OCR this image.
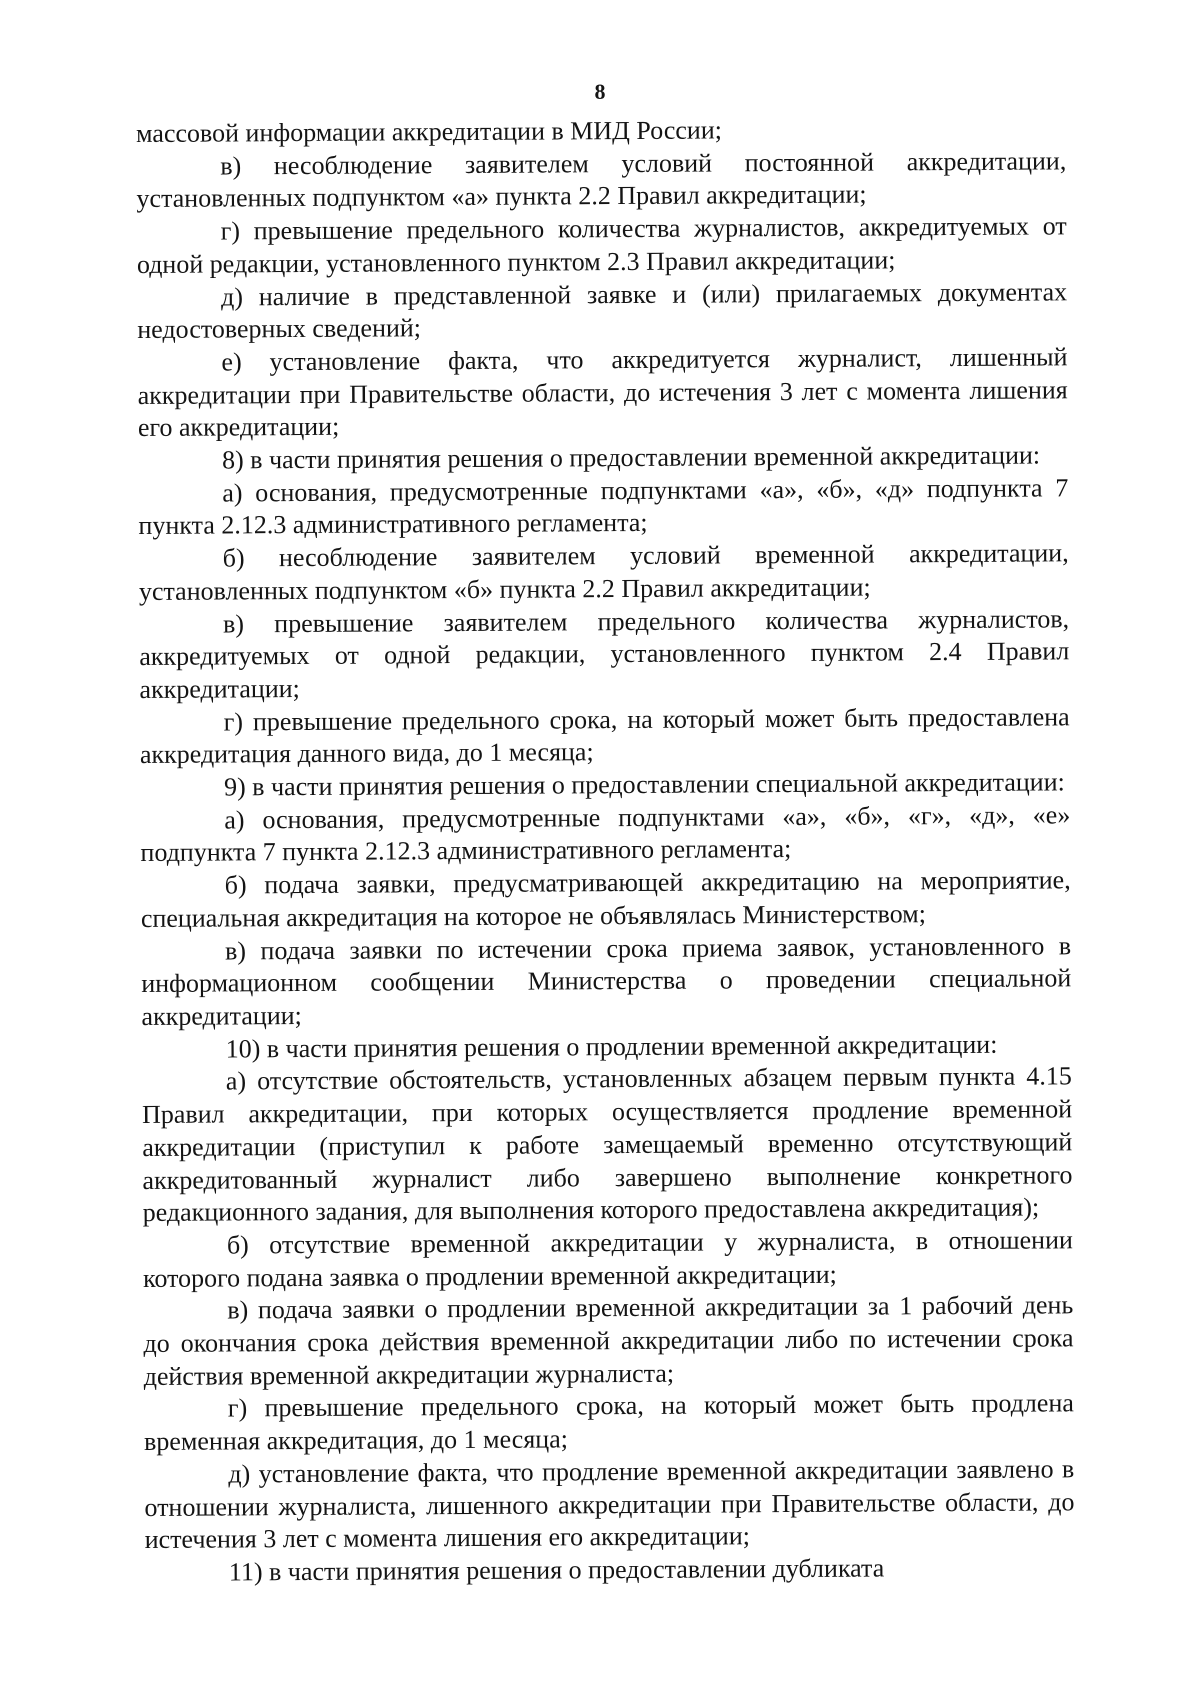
8

массовой информации аккредитации в МИД России;

в) несоблюдение заявителем условий постоянной аккредитации, установленных подпунктом «а» пункта 2.2 Правил аккредитации;

г) превышение предельного количества журналистов, аккредитуемых от одной редакции, установленного пунктом 2.3 Правил аккредитации;

д) наличие в представленной заявке и (или) прилагаемых документах недостоверных сведений;

е) установление факта, что аккредитуется журналист, лишенный аккредитации при Правительстве области, до истечения 3 лет с момента лишения его аккредитации;

8) в части принятия решения о предоставлении временной аккредитации:

а) основания, предусмотренные подпунктами «а», «б», «д» подпункта 7 пункта 2.12.3 административного регламента;

б) несоблюдение заявителем условий временной аккредитации, установленных подпунктом «б» пункта 2.2 Правил аккредитации;

в) превышение заявителем предельного количества журналистов, аккредитуемых от одной редакции, установленного пунктом 2.4 Правил аккредитации;

г) превышение предельного срока, на который может быть предоставлена аккредитация данного вида, до 1 месяца;

9) в части принятия решения о предоставлении специальной аккредитации:

а) основания, предусмотренные подпунктами «а», «б», «г», «д», «е» подпункта 7 пункта 2.12.3 административного регламента;

б) подача заявки, предусматривающей аккредитацию на мероприятие, специальная аккредитация на которое не объявлялась Министерством;

в) подача заявки по истечении срока приема заявок, установленного в информационном сообщении Министерства о проведении специальной аккредитации;

10) в части принятия решения о продлении временной аккредитации:

а) отсутствие обстоятельств, установленных абзацем первым пункта 4.15 Правил аккредитации, при которых осуществляется продление временной аккредитации (приступил к работе замещаемый временно отсутствующий аккредитованный журналист либо завершено выполнение конкретного редакционного задания, для выполнения которого предоставлена аккредитация);

б) отсутствие временной аккредитации у журналиста, в отношении которого подана заявка о продлении временной аккредитации;

в) подача заявки о продлении временной аккредитации за 1 рабочий день до окончания срока действия временной аккредитации либо по истечении срока действия временной аккредитации журналиста;

г) превышение предельного срока, на который может быть продлена временная аккредитация, до 1 месяца;

д) установление факта, что продление временной аккредитации заявлено в отношении журналиста, лишенного аккредитации при Правительстве области, до истечения 3 лет с момента лишения его аккредитации;

11) в части принятия решения о предоставлении дубликата
